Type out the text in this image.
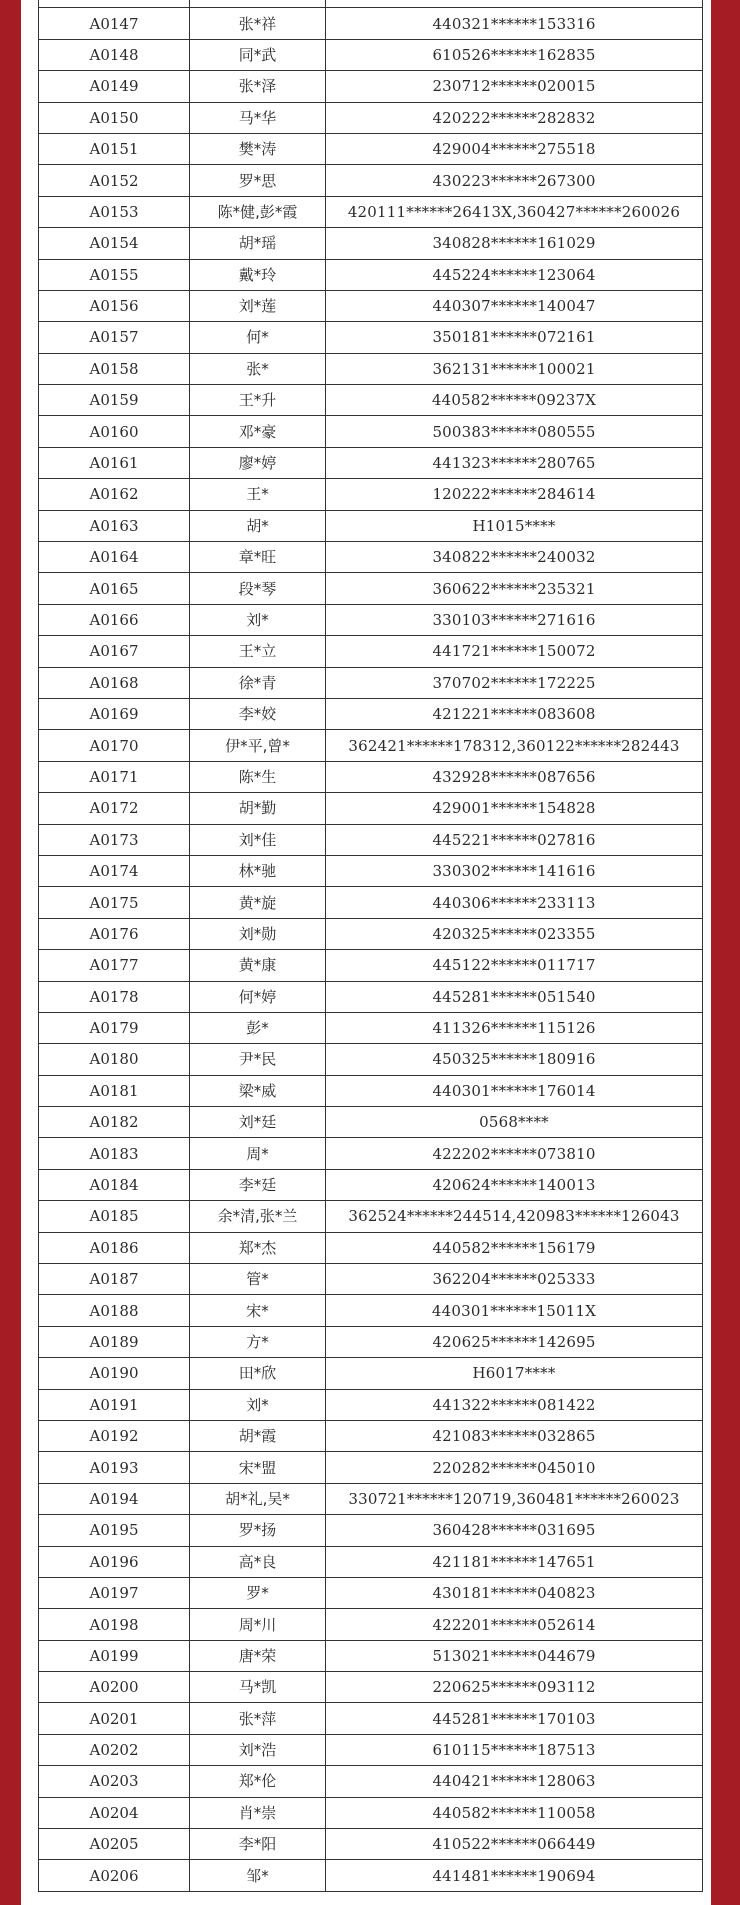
A0147	张*祥	440321******153316
A0148	同*武	610526******162835
A0149	张*泽	230712******020015
A0150	马*华	420222******282832
A0151	樊*涛	429004******275518
A0152	罗*思	430223******267300
A0153	陈*健,彭*霞	420111******26413X,360427******260026
A0154	胡*瑶	340828******161029
A0155	戴*玲	445224******123064
A0156	刘*莲	440307******140047
A0157	何*	350181******072161
A0158	张*	362131******100021
A0159	王*升	440582******09237X
A0160	邓*豪	500383******080555
A0161	廖*婷	441323******280765
A0162	王*	120222******284614
A0163	胡*	H1015****
A0164	章*旺	340822******240032
A0165	段*琴	360622******235321
A0166	刘*	330103******271616
A0167	王*立	441721******150072
A0168	徐*青	370702******172225
A0169	李*姣	421221******083608
A0170	伊*平,曾*	362421******178312,360122******282443
A0171	陈*生	432928******087656
A0172	胡*勤	429001******154828
A0173	刘*佳	445221******027816
A0174	林*驰	330302******141616
A0175	黄*旋	440306******233113
A0176	刘*勋	420325******023355
A0177	黄*康	445122******011717
A0178	何*婷	445281******051540
A0179	彭*	411326******115126
A0180	尹*民	450325******180916
A0181	梁*威	440301******176014
A0182	刘*廷	0568****
A0183	周*	422202******073810
A0184	李*廷	420624******140013
A0185	余*清,张*兰	362524******244514,420983******126043
A0186	郑*杰	440582******156179
A0187	管*	362204******025333
A0188	宋*	440301******15011X
A0189	方*	420625******142695
A0190	田*欣	H6017****
A0191	刘*	441322******081422
A0192	胡*霞	421083******032865
A0193	宋*盟	220282******045010
A0194	胡*礼,吴*	330721******120719,360481******260023
A0195	罗*扬	360428******031695
A0196	高*良	421181******147651
A0197	罗*	430181******040823
A0198	周*川	422201******052614
A0199	唐*荣	513021******044679
A0200	马*凯	220625******093112
A0201	张*萍	445281******170103
A0202	刘*浩	610115******187513
A0203	郑*伦	440421******128063
A0204	肖*崇	440582******110058
A0205	李*阳	410522******066449
A0206	邹*	441481******190694
